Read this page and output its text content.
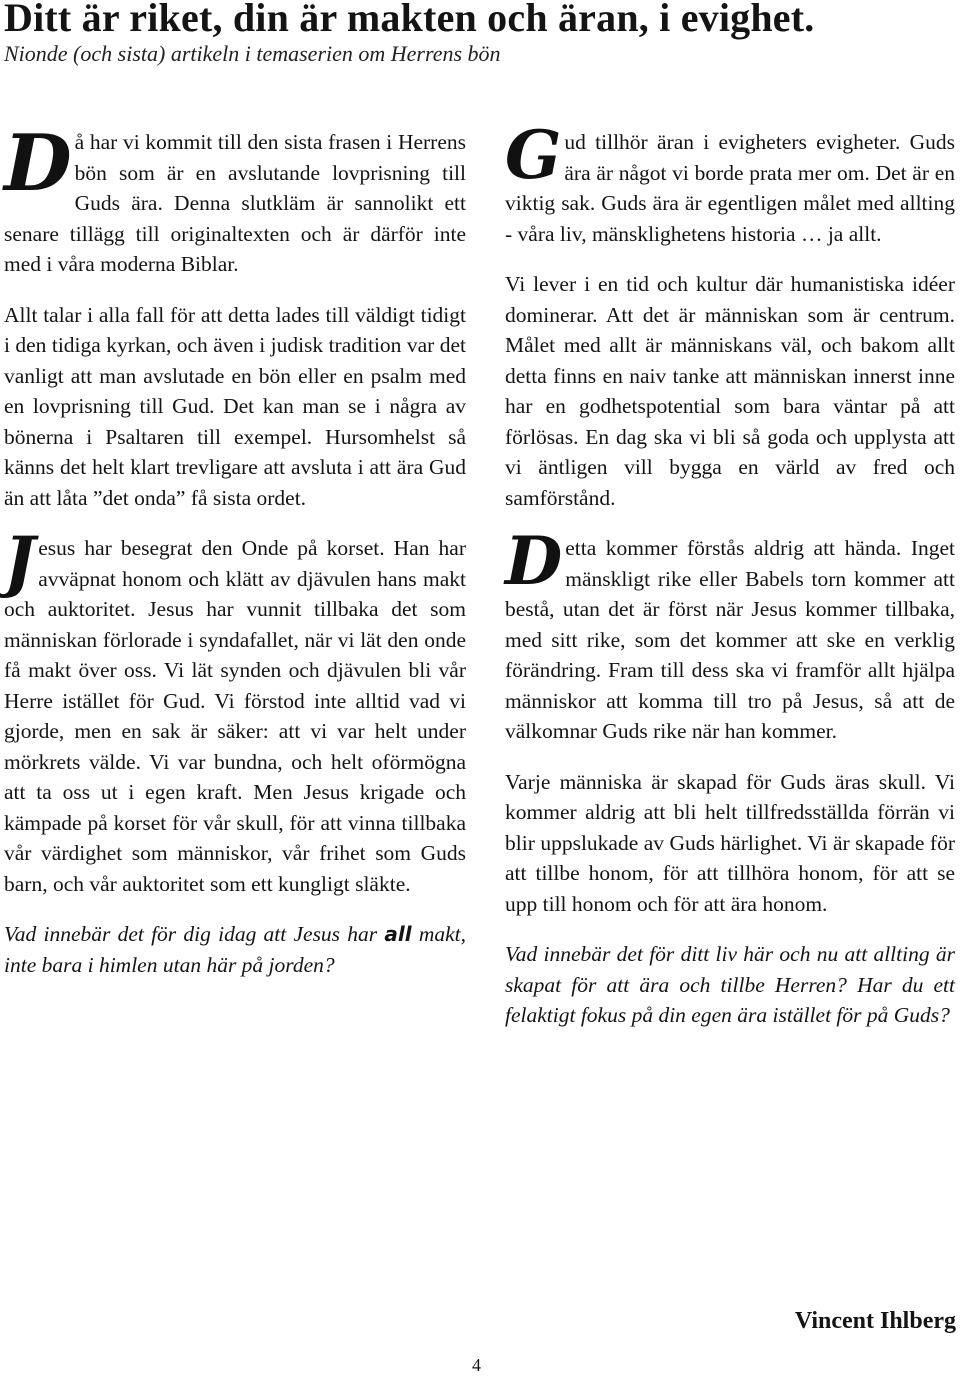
Ditt är riket, din är makten och äran, i evighet.
Nionde (och sista) artikeln i temaserien om Herrens bön

Då har vi kommit till den sista frasen i Herrens bön som är en avslutande lovprisning till Guds ära. Denna slutkläm är sannolikt ett senare tillägg till originaltexten och är därför inte med i våra moderna Biblar.

Allt talar i alla fall för att detta lades till väldigt tidigt i den tidiga kyrkan, och även i judisk tradition var det vanligt att man avslutade en bön eller en psalm med en lovprisning till Gud. Det kan man se i några av bönerna i Psaltaren till exempel. Hursomhelst så känns det helt klart trevligare att avsluta i att ära Gud än att låta ”det onda” få sista ordet.

Jesus har besegrat den Onde på korset. Han har avväpnat honom och klätt av djävulen hans makt och auktoritet. Jesus har vunnit tillbaka det som människan förlorade i syndafallet, när vi lät den onde få makt över oss. Vi lät synden och djävulen bli vår Herre istället för Gud. Vi förstod inte alltid vad vi gjorde, men en sak är säker: att vi var helt under mörkrets välde. Vi var bundna, och helt oförmögna att ta oss ut i egen kraft. Men Jesus krigade och kämpade på korset för vår skull, för att vinna tillbaka vår värdighet som människor, vår frihet som Guds barn, och vår auktoritet som ett kungligt släkte.

Vad innebär det för dig idag att Jesus har all makt, inte bara i himlen utan här på jorden?

Gud tillhör äran i evigheters evigheter. Guds ära är något vi borde prata mer om. Det är en viktig sak. Guds ära är egentligen målet med allting - våra liv, mänsklighetens historia … ja allt.

Vi lever i en tid och kultur där humanistiska idéer dominerar. Att det är människan som är centrum. Målet med allt är människans väl, och bakom allt detta finns en naiv tanke att människan innerst inne har en godhetspotential som bara väntar på att förlösas. En dag ska vi bli så goda och upplysta att vi äntligen vill bygga en värld av fred och samförstånd.

Detta kommer förstås aldrig att hända. Inget mänskligt rike eller Babels torn kommer att bestå, utan det är först när Jesus kommer tillbaka, med sitt rike, som det kommer att ske en verklig förändring. Fram till dess ska vi framför allt hjälpa människor att komma till tro på Jesus, så att de välkomnar Guds rike när han kommer.

Varje människa är skapad för Guds äras skull. Vi kommer aldrig att bli helt tillfredsställda förrän vi blir uppslukade av Guds härlighet. Vi är skapade för att tillbe honom, för att tillhöra honom, för att se upp till honom och för att ära honom.

Vad innebär det för ditt liv här och nu att allting är skapat för att ära och tillbe Herren? Har du ett felaktigt fokus på din egen ära istället för på Guds?

Vincent Ihlberg
4
